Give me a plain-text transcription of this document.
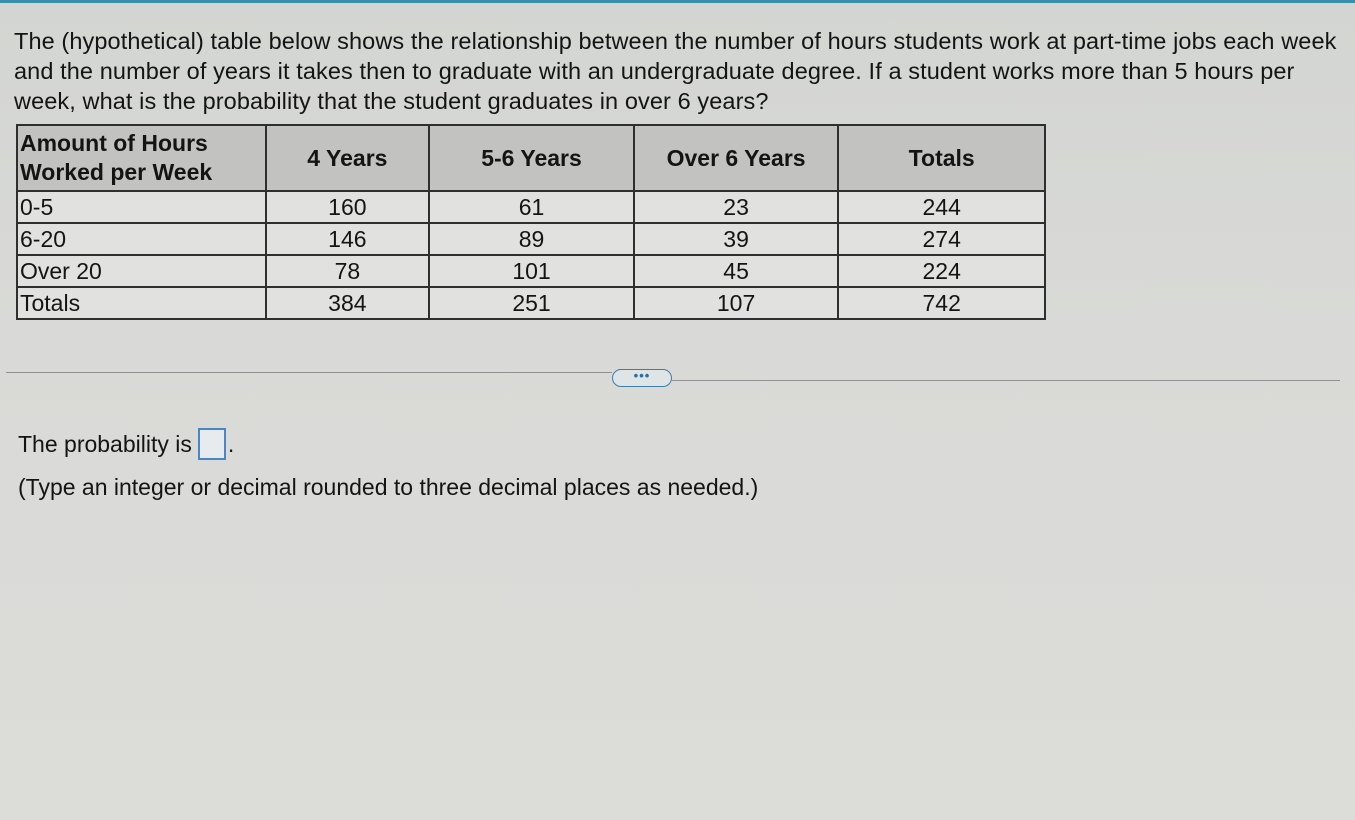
The (hypothetical) table below shows the relationship between the number of hours students work at part-time jobs each week and the number of years it takes then to graduate with an undergraduate degree. If a student works more than 5 hours per week, what is the probability that the student graduates in over 6 years?
Amount of Hours Worked per Week	4 Years	5-6 Years	Over 6 Years	Totals
0-5	160	61	23	244
6-20	146	89	39	274
Over 20	78	101	45	224
Totals	384	251	107	742
•••
The probability is .
(Type an integer or decimal rounded to three decimal places as needed.)
